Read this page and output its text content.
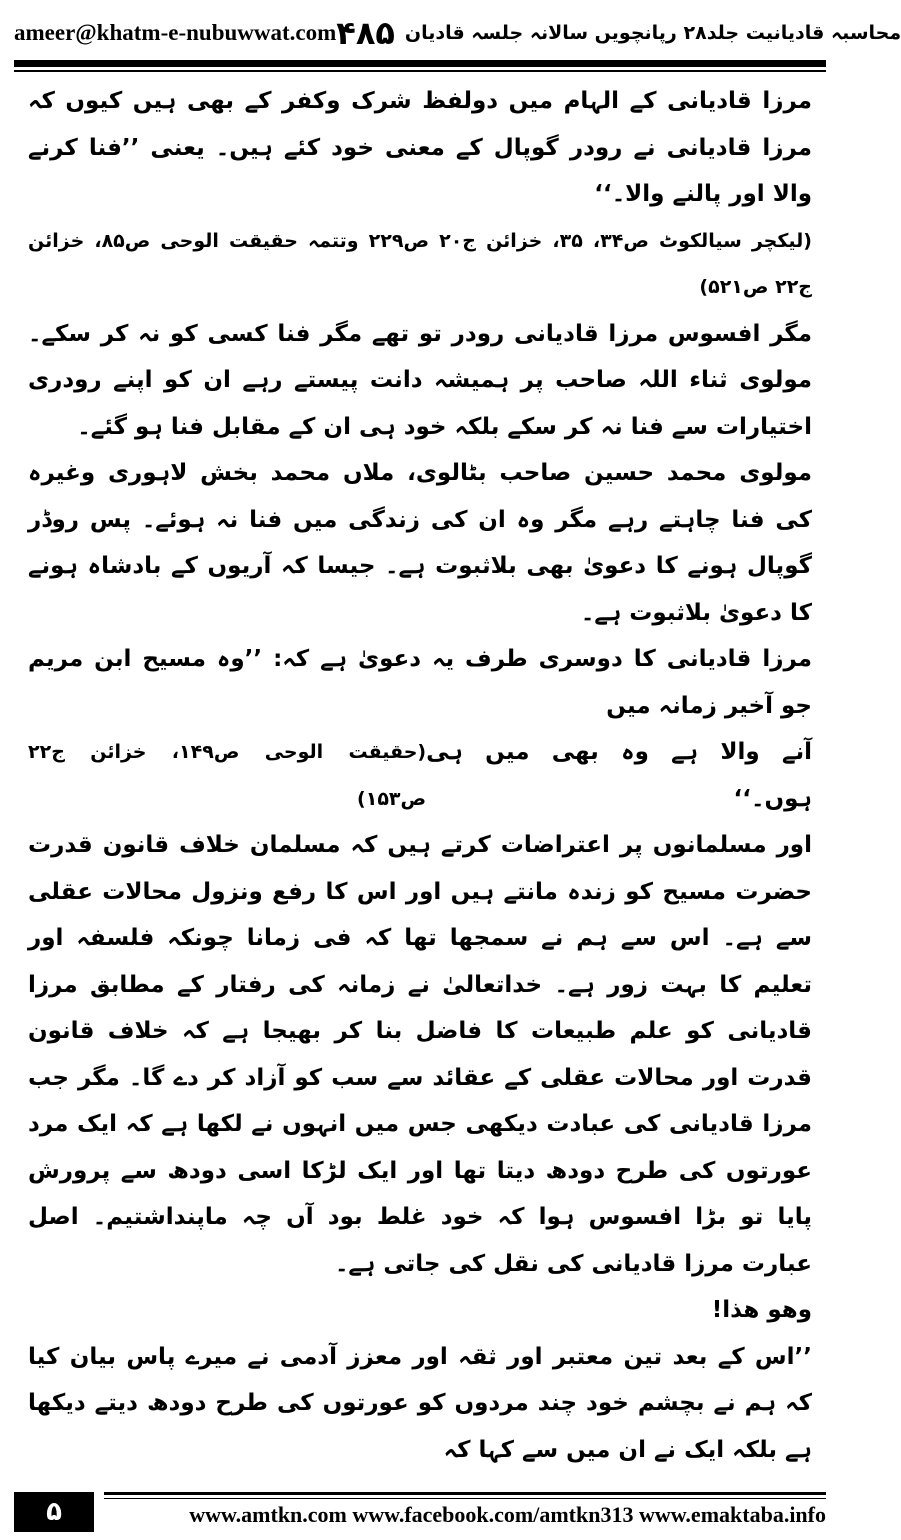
ameer@khatm-e-nubuwwat.com	محاسبہ قادیانیت جلد۲۸ رپانچویں سالانہ جلسہ قادیان
۴۸۵

مرزا قادیانی کے الہام میں دولفظ شرک وکفر کے بھی ہیں کیوں کہ مرزا قادیانی نے رودر گوپال کے معنی خود کئے ہیں۔ یعنی ’’فنا کرنے والا اور پالنے والا۔‘‘

(لیکچر سیالکوٹ ص۳۴، ۳۵، خزائن ج۲۰ ص۲۲۹ وتتمہ حقیقت الوحی ص۸۵، خزائن ج۲۲ ص۵۲۱)

مگر افسوس مرزا قادیانی رودر تو تھے مگر فنا کسی کو نہ کر سکے۔ مولوی ثناء اللہ صاحب پر ہمیشہ دانت پیستے رہے ان کو اپنے رودری اختیارات سے فنا نہ کر سکے بلکہ خود ہی ان کے مقابل فنا ہو گئے۔

مولوی محمد حسین صاحب بٹالوی، ملاں محمد بخش لاہوری وغیرہ کی فنا چاہتے رہے مگر وہ ان کی زندگی میں فنا نہ ہوئے۔ پس روڈر گوپال ہونے کا دعویٰ بھی بلاثبوت ہے۔ جیسا کہ آریوں کے بادشاہ ہونے کا دعویٰ بلاثبوت ہے۔

مرزا قادیانی کا دوسری طرف یہ دعویٰ ہے کہ: ’’وہ مسیح ابن مریم جو آخیر زمانہ میں

آنے والا ہے وہ بھی میں ہی ہوں۔‘‘
(حقیقت الوحی ص۱۴۹، خزائن ج۲۲ ص۱۵۳)

اور مسلمانوں پر اعتراضات کرتے ہیں کہ مسلمان خلاف قانون قدرت حضرت مسیح کو زندہ مانتے ہیں اور اس کا رفع ونزول محالات عقلی سے ہے۔ اس سے ہم نے سمجھا تھا کہ فی زمانا چونکہ فلسفہ اور تعلیم کا بہت زور ہے۔ خداتعالیٰ نے زمانہ کی رفتار کے مطابق مرزا قادیانی کو علم طبیعات کا فاضل بنا کر بھیجا ہے کہ خلاف قانون قدرت اور محالات عقلی کے عقائد سے سب کو آزاد کر دے گا۔ مگر جب مرزا قادیانی کی عبادت دیکھی جس میں انہوں نے لکھا ہے کہ ایک مرد عورتوں کی طرح دودھ دیتا تھا اور ایک لڑکا اسی دودھ سے پرورش پایا تو بڑا افسوس ہوا کہ خود غلط بود آں چہ ماپنداشتیم۔ اصل عبارت مرزا قادیانی کی نقل کی جاتی ہے۔

وھو ھذا!

’’اس کے بعد تین معتبر اور ثقہ اور معزز آدمی نے میرے پاس بیان کیا کہ ہم نے بچشم خود چند مردوں کو عورتوں کی طرح دودھ دیتے دیکھا ہے بلکہ ایک نے ان میں سے کہا کہ

۵	www.amtkn.com www.facebook.com/amtkn313 www.emaktaba.info
